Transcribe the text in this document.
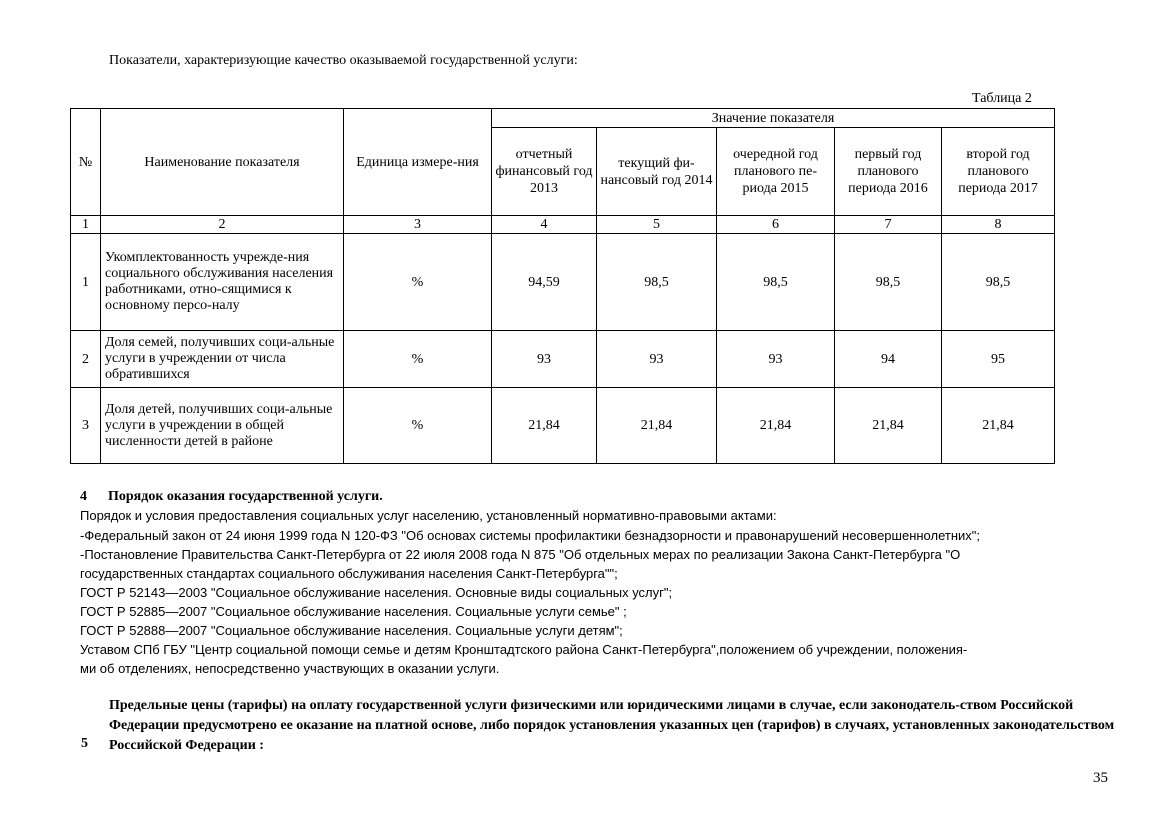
Показатели, характеризующие качество оказываемой государственной услуги:
Таблица 2
№	Наименование показателя	Единица измере-ния	Значение показателя				
			отчетный финансовый год 2013	текущий фи-нансовый год 2014	очередной год планового пе-риода 2015	первый год планового периода 2016	второй год планового периода 2017
1	2	3	4	5	6	7	8
1	Укомплектованность учрежде-ния социального обслуживания населения работниками, отно-сящимися к основному персо-налу	%	94,59	98,5	98,5	98,5	98,5
2	Доля семей, получивших соци-альные услуги в учреждении от числа обратившихся	%	93	93	93	94	95
3	Доля детей, получивших соци-альные услуги в учреждении в общей численности детей в районе	%	21,84	21,84	21,84	21,84	21,84
4 Порядок оказания государственной услуги.
Порядок и условия предоставления социальных услуг населению, установленный нормативно-правовыми актами:
-Федеральный закон от 24 июня 1999 года N 120-ФЗ "Об основах системы профилактики безнадзорности и правонарушений несовершеннолетних";
-Постановление Правительства Санкт-Петербурга от 22 июля 2008 года N 875 "Об отдельных мерах по реализации Закона Санкт-Петербурга "О
государственных стандартах социального обслуживания населения Санкт-Петербурга"";
ГОСТ Р 52143—2003 "Социальное обслуживание населения. Основные виды социальных услуг";
ГОСТ Р 52885—2007 "Социальное обслуживание населения. Социальные услуги семье" ;
ГОСТ Р 52888—2007 "Социальное обслуживание населения. Социальные услуги детям";
Уставом СПб ГБУ "Центр социальной помощи семье и детям Кронштадтского района Санкт-Петербурга",положением об учреждении, положения-
ми об отделениях, непосредственно участвующих в оказании услуги.
Предельные цены (тарифы) на оплату государственной услуги физическими или юридическими лицами в случае, если законодатель-ством Российской Федерации предусмотрено ее оказание на платной основе, либо порядок установления указанных цен (тарифов) в случаях, установленных законодательством Российской Федерации :
5
35
